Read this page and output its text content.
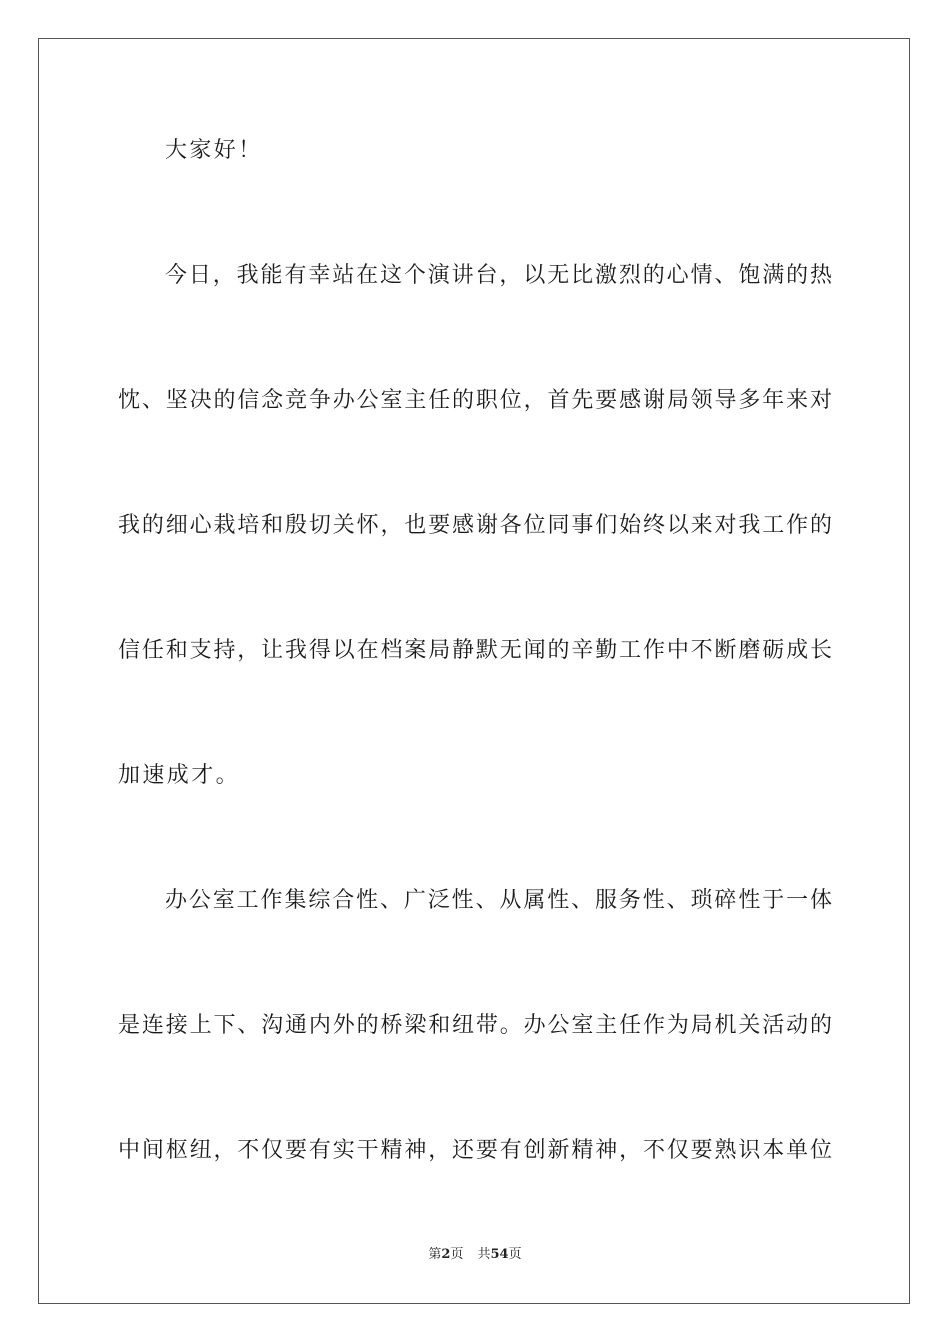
大家好！
今日，我能有幸站在这个演讲台，以无比激烈的心情、饱满的热
忱、坚决的信念竞争办公室主任的职位，首先要感谢局领导多年来对
我的细心栽培和殷切关怀，也要感谢各位同事们始终以来对我工作的
信任和支持，让我得以在档案局静默无闻的辛勤工作中不断磨砺成长
加速成才。
办公室工作集综合性、广泛性、从属性、服务性、琐碎性于一体
是连接上下、沟通内外的桥梁和纽带。办公室主任作为局机关活动的
中间枢纽，不仅要有实干精神，还要有创新精神，不仅要熟识本单位
第2页 共54页
